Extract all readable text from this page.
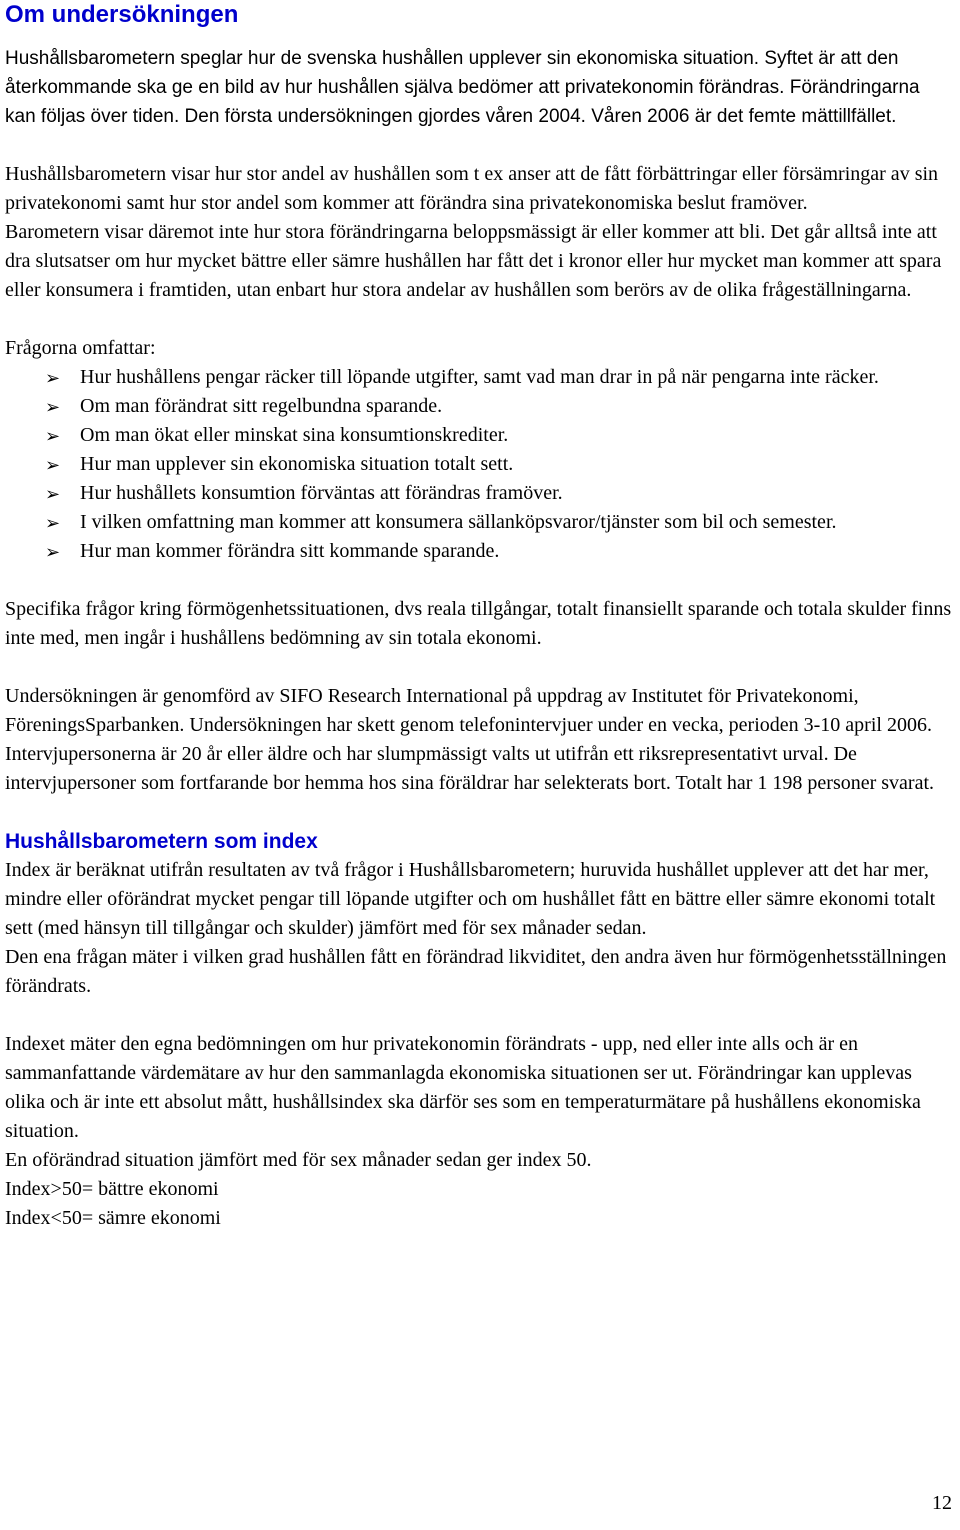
Om undersökningen

Hushållsbarometern speglar hur de svenska hushållen upplever sin ekonomiska situation. Syftet är att den återkommande ska ge en bild av hur hushållen själva bedömer att privatekonomin förändras. Förändringarna kan följas över tiden. Den första undersökningen gjordes våren 2004. Våren 2006 är det femte mättillfället.

Hushållsbarometern visar hur stor andel av hushållen som t ex anser att de fått förbättringar eller försämringar av sin privatekonomi samt hur stor andel som kommer att förändra sina privatekonomiska beslut framöver.

Barometern visar däremot inte hur stora förändringarna beloppsmässigt är eller kommer att bli. Det går alltså inte att dra slutsatser om hur mycket bättre eller sämre hushållen har fått det i kronor eller hur mycket man kommer att spara eller konsumera i framtiden, utan enbart hur stora andelar av hushållen som berörs av de olika frågeställningarna.

Frågorna omfattar:

➢ Hur hushållens pengar räcker till löpande utgifter, samt vad man drar in på när pengarna inte räcker.
➢ Om man förändrat sitt regelbundna sparande.
➢ Om man ökat eller minskat sina konsumtionskrediter.
➢ Hur man upplever sin ekonomiska situation totalt sett.
➢ Hur hushållets konsumtion förväntas att förändras framöver.
➢ I vilken omfattning man kommer att konsumera sällanköpsvaror/tjänster som bil och semester.
➢ Hur man kommer förändra sitt kommande sparande.

Specifika frågor kring förmögenhetssituationen, dvs reala tillgångar, totalt finansiellt sparande och totala skulder finns inte med, men ingår i hushållens bedömning av sin totala ekonomi.

Undersökningen är genomförd av SIFO Research International på uppdrag av Institutet för Privatekonomi, FöreningsSparbanken. Undersökningen har skett genom telefonintervjuer under en vecka, perioden 3-10 april 2006. Intervjupersonerna är 20 år eller äldre och har slumpmässigt valts ut utifrån ett riksrepresentativt urval. De intervjupersoner som fortfarande bor hemma hos sina föräldrar har selekterats bort. Totalt har 1 198 personer svarat.

Hushållsbarometern som index

Index är beräknat utifrån resultaten av två frågor i Hushållsbarometern; huruvida hushållet upplever att det har mer, mindre eller oförändrat mycket pengar till löpande utgifter och om hushållet fått en bättre eller sämre ekonomi totalt sett (med hänsyn till tillgångar och skulder) jämfört med för sex månader sedan.

Den ena frågan mäter i vilken grad hushållen fått en förändrad likviditet, den andra även hur förmögenhetsställningen förändrats.

Indexet mäter den egna bedömningen om hur privatekonomin förändrats - upp, ned eller inte alls och är en sammanfattande värdemätare av hur den sammanlagda ekonomiska situationen ser ut. Förändringar kan upplevas olika och är inte ett absolut mått, hushållsindex ska därför ses som en temperaturmätare på hushållens ekonomiska situation.

En oförändrad situation jämfört med för sex månader sedan ger index 50.

Index>50= bättre ekonomi

Index<50= sämre ekonomi

12
